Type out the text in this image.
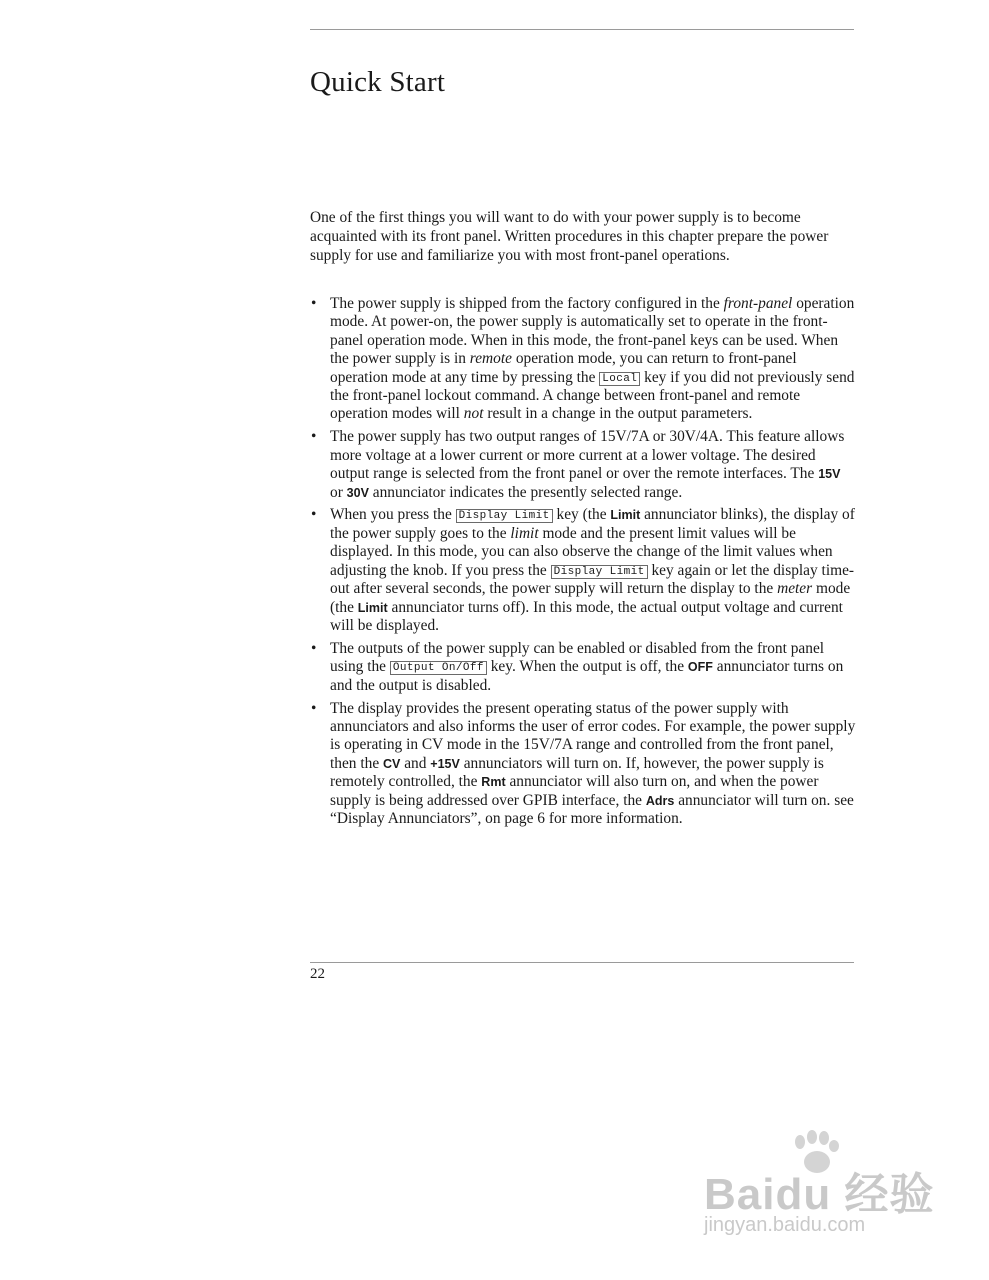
Quick Start

One of the first things you will want to do with your power supply is to become acquainted with its front panel. Written procedures in this chapter prepare the power supply for use and familiarize you with most front-panel operations.

• The power supply is shipped from the factory configured in the front-panel operation mode. At power-on, the power supply is automatically set to operate in the front-panel operation mode. When in this mode, the front-panel keys can be used. When the power supply is in remote operation mode, you can return to front-panel operation mode at any time by pressing the Local key if you did not previously send the front-panel lockout command. A change between front-panel and remote operation modes will not result in a change in the output parameters.
• The power supply has two output ranges of 15V/7A or 30V/4A. This feature allows more voltage at a lower current or more current at a lower voltage. The desired output range is selected from the front panel or over the remote interfaces. The 15V or 30V annunciator indicates the presently selected range.
• When you press the Display Limit key (the Limit annunciator blinks), the display of the power supply goes to the limit mode and the present limit values will be displayed. In this mode, you can also observe the change of the limit values when adjusting the knob. If you press the Display Limit key again or let the display time-out after several seconds, the power supply will return the display to the meter mode (the Limit annunciator turns off). In this mode, the actual output voltage and current will be displayed.
• The outputs of the power supply can be enabled or disabled from the front panel using the Output On/Off key. When the output is off, the OFF annunciator turns on and the output is disabled.
• The display provides the present operating status of the power supply with annunciators and also informs the user of error codes. For example, the power supply is operating in CV mode in the 15V/7A range and controlled from the front panel, then the CV and +15V annunciators will turn on. If, however, the power supply is remotely controlled, the Rmt annunciator will also turn on, and when the power supply is being addressed over GPIB interface, the Adrs annunciator will turn on. see “Display Annunciators”, on page 6 for more information.
22
Baidu 经验
jingyan.baidu.com
